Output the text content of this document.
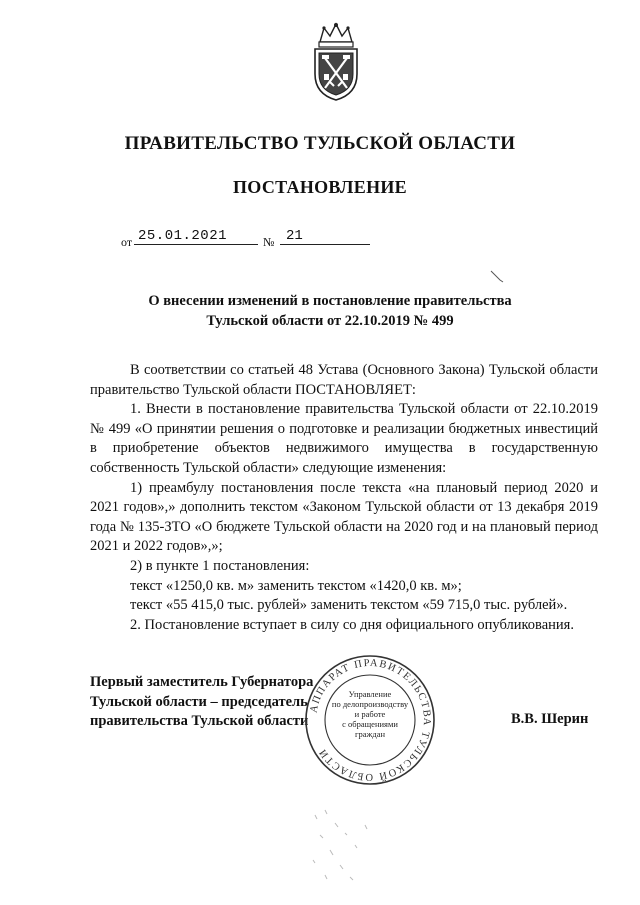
ПРАВИТЕЛЬСТВО ТУЛЬСКОЙ ОБЛАСТИ
ПОСТАНОВЛЕНИЕ
от 25.01.2021	№ 21
О внесении изменений в постановление правительства
Тульской области от 22.10.2019 № 499

В соответствии со статьей 48 Устава (Основного Закона) Тульской области правительство Тульской области ПОСТАНОВЛЯЕТ:

1. Внести в постановление правительства Тульской области от 22.10.2019 № 499 «О принятии решения о подготовке и реализации бюджетных инвестиций в приобретение объектов недвижимого имущества в государственную собственность Тульской области» следующие изменения:

1) преамбулу постановления после текста «на плановый период 2020 и 2021 годов»,» дополнить текстом «Законом Тульской области от 13 декабря 2019 года № 135-ЗТО «О бюджете Тульской области на 2020 год и на плановый период 2021 и 2022 годов»,»;

2) в пункте 1 постановления:

текст «1250,0 кв. м» заменить текстом «1420,0 кв. м»;

текст «55 415,0 тыс. рублей» заменить текстом «59 715,0 тыс. рублей».

2. Постановление вступает в силу со дня официального опубликования.

Первый заместитель Губернатора
Тульской области – председатель
правительства Тульской области	В.В. Шерин
АППАРАТ ПРАВИТЕЛЬСТВА ТУЛЬСКОЙ ОБЛАСТИ
Управление
по делопроизводству
и работе
с обращениями
граждан
